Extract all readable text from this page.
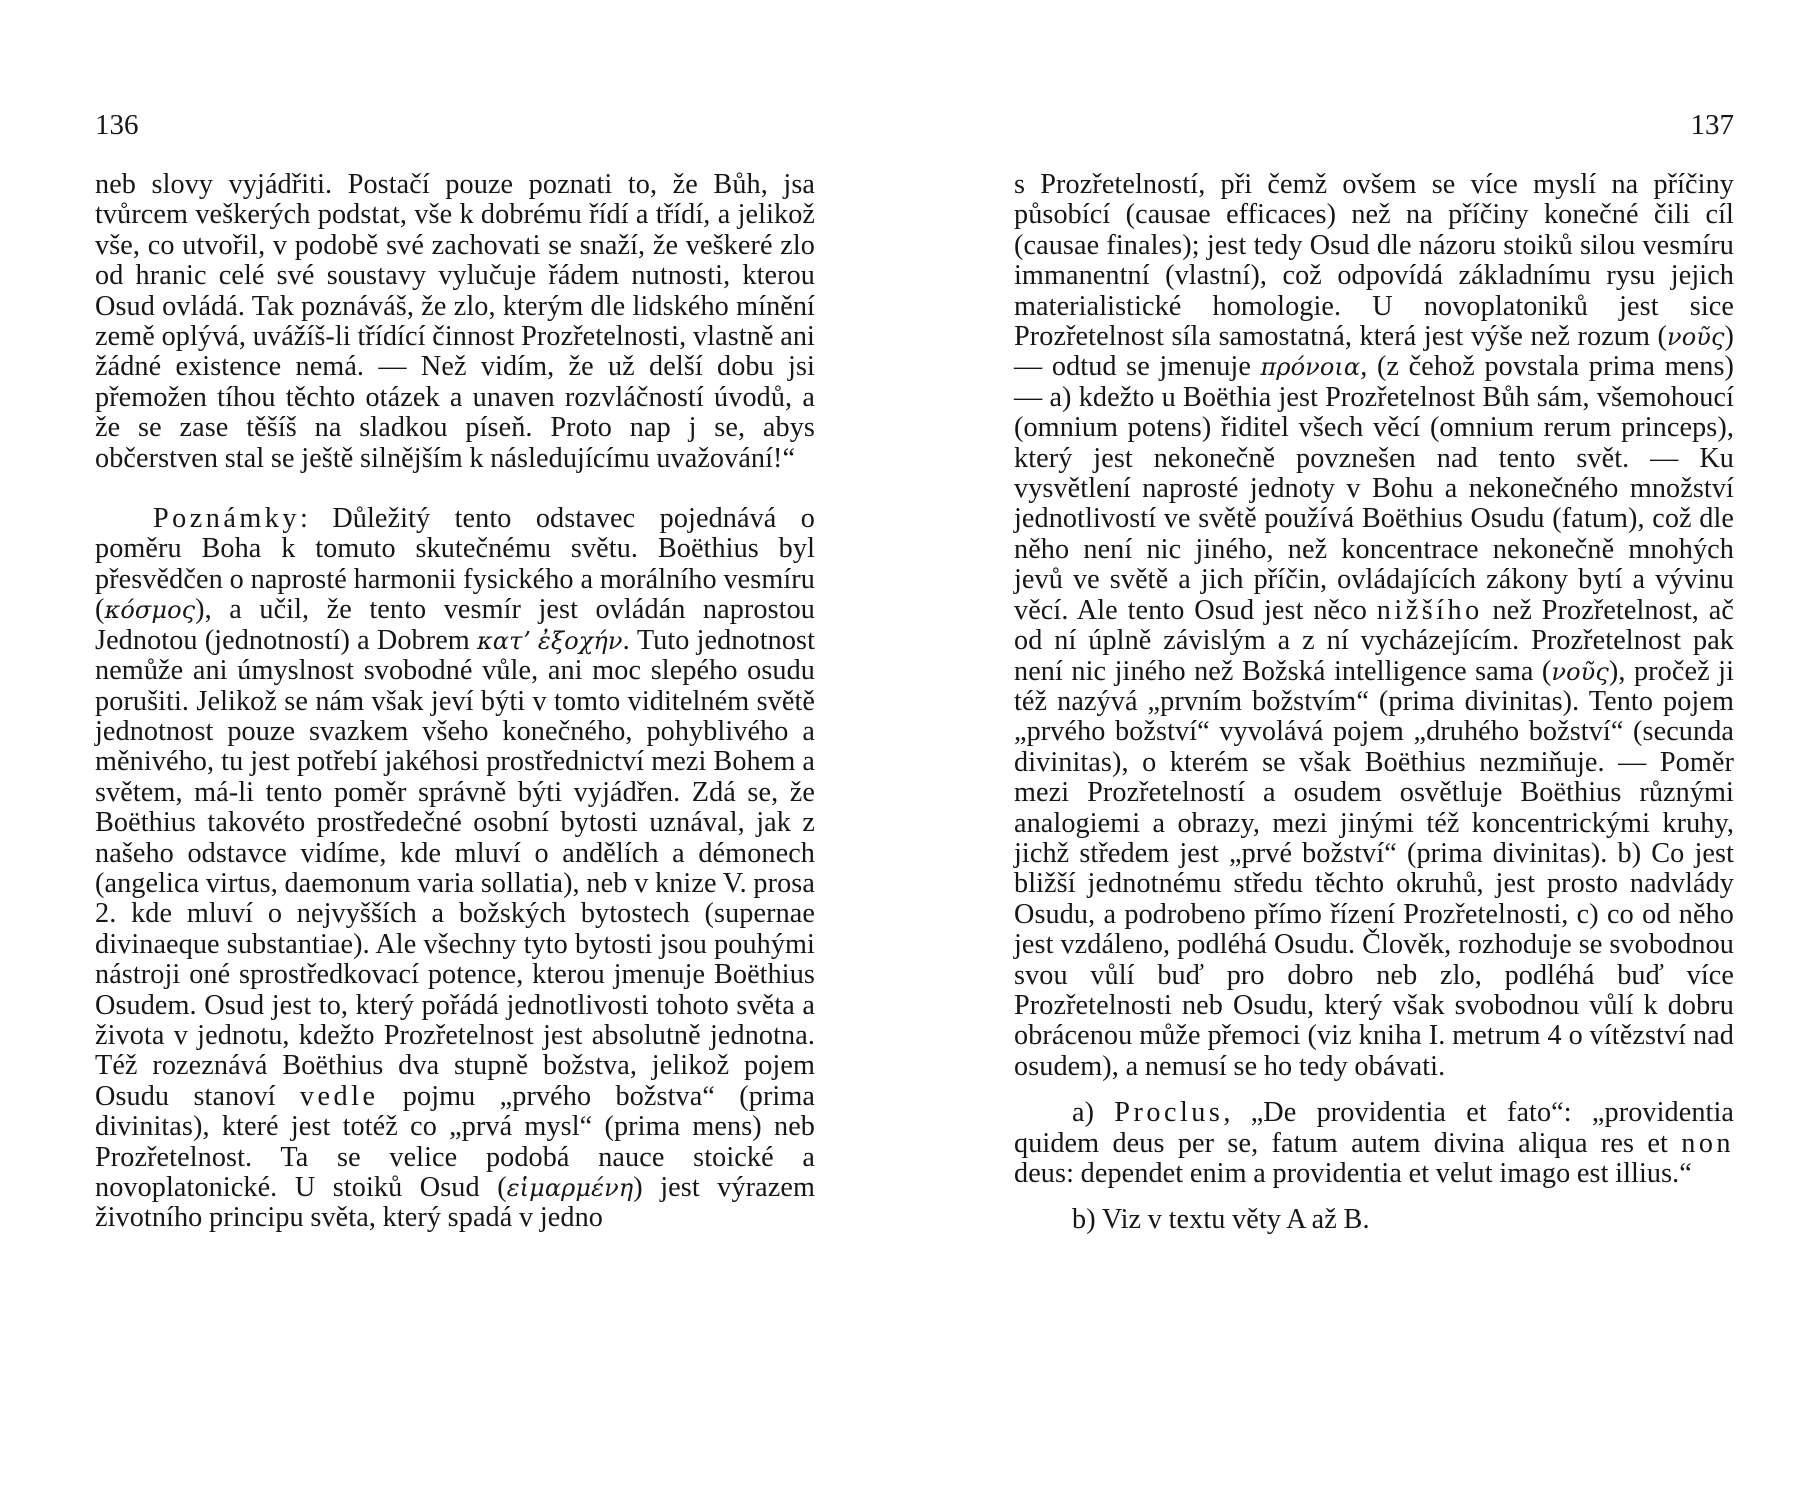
136

neb slovy vyjádřiti. Postačí pouze poznati to, že Bůh, jsa tvůrcem veškerých podstat, vše k dobrému řídí a třídí, a jelikož vše, co utvořil, v podobě své zachovati se snaží, že veškeré zlo od hranic celé své soustavy vylučuje řádem nutnosti, kterou Osud ovládá. Tak poznáváš, že zlo, kterým dle lidského mínění země oplývá, uvážíš-li třídící činnost Prozřetelnosti, vlastně ani žádné existence nemá. — Než vidím, že už delší dobu jsi přemožen tíhou těchto otázek a unaven rozvláčností úvodů, a že se zase těšíš na sladkou píseň. Proto nap j se, abys občerstven stal se ještě silnějším k následujícímu uvažování!“

Poznámky: Důležitý tento odstavec pojednává o poměru Boha k tomuto skutečnému světu. Boëthius byl přesvědčen o naprosté harmonii fysického a morálního vesmíru (κόσμος), a učil, že tento vesmír jest ovládán naprostou Jednotou (jednotností) a Dobrem κατʼ ἐξοχήν. Tuto jednotnost nemůže ani úmyslnost svobodné vůle, ani moc slepého osudu porušiti. Jelikož se nám však jeví býti v tomto viditelném světě jednotnost pouze svazkem všeho konečného, pohyblivého a měnivého, tu jest potřebí jakéhosi prostřednictví mezi Bohem a světem, má-li tento poměr správně býti vyjádřen. Zdá se, že Boëthius takovéto prostředečné osobní bytosti uznával, jak z našeho odstavce vidíme, kde mluví o andělích a démonech (angelica virtus, daemonum varia sollatia), neb v knize V. prosa 2. kde mluví o nejvyšších a božských bytostech (supernae divinaeque substantiae). Ale všechny tyto bytosti jsou pouhými nástroji oné sprostředkovací potence, kterou jmenuje Boëthius Osudem. Osud jest to, který pořádá jednotlivosti tohoto světa a života v jednotu, kdežto Prozřetelnost jest absolutně jednotna. Též rozeznává Boëthius dva stupně božstva, jelikož pojem Osudu stanoví vedle pojmu „prvého božstva“ (prima divinitas), které jest totéž co „prvá mysl“ (prima mens) neb Prozřetelnost. Ta se velice podobá nauce stoické a novoplatonické. U stoiků Osud (εἱμαρμένη) jest výrazem životního principu světa, který spadá v jedno

137

s Prozřetelností, při čemž ovšem se více myslí na příčiny působící (causae efficaces) než na příčiny konečné čili cíl (causae finales); jest tedy Osud dle názoru stoiků silou vesmíru immanentní (vlastní), což odpovídá základnímu rysu jejich materialistické homologie. U novoplatoniků jest sice Prozřetelnost síla samostatná, která jest výše než rozum (νοῦς) — odtud se jmenuje πρόνοια, (z čehož povstala prima mens) — a) kdežto u Boëthia jest Prozřetelnost Bůh sám, všemohoucí (omnium potens) řiditel všech věcí (omnium rerum princeps), který jest nekonečně povznešen nad tento svět. — Ku vysvětlení naprosté jednoty v Bohu a nekonečného množství jednotlivostí ve světě používá Boëthius Osudu (fatum), což dle něho není nic jiného, než koncentrace nekonečně mnohých jevů ve světě a jich příčin, ovládajících zákony bytí a vývinu věcí. Ale tento Osud jest něco nižšího než Prozřetelnost, ač od ní úplně závislým a z ní vycházejícím. Prozřetelnost pak není nic jiného než Božská intelligence sama (νοῦς), pročež ji též nazývá „prvním božstvím“ (prima divinitas). Tento pojem „prvého božství“ vyvolává pojem „druhého božství“ (secunda divinitas), o kterém se však Boëthius nezmiňuje. — Poměr mezi Prozřetelností a osudem osvětluje Boëthius různými analogiemi a obrazy, mezi jinými též koncentrickými kruhy, jichž středem jest „prvé božství“ (prima divinitas). b) Co jest bližší jednotnému středu těchto okruhů, jest prosto nadvlády Osudu, a podrobeno přímo řízení Prozřetelnosti, c) co od něho jest vzdáleno, podléhá Osudu. Člověk, rozhoduje se svobodnou svou vůlí buď pro dobro neb zlo, podléhá buď více Prozřetelnosti neb Osudu, který však svobodnou vůlí k dobru obrácenou může přemoci (viz kniha I. metrum 4 o vítězství nad osudem), a nemusí se ho tedy obávati.

a) Proclus, „De providentia et fato“: „providentia quidem deus per se, fatum autem divina aliqua res et non deus: dependet enim a providentia et velut imago est illius.“

b) Viz v textu věty A až B.
